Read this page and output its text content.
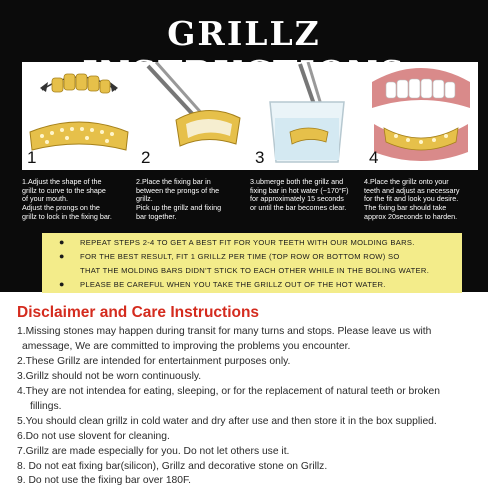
GRILLZ
1	2	3	4
1.Adjust the shape of the
grillz to curve to the shape
of your mouth.
Adjust the prongs on the
grillz to lock in the fixing bar.
2.Place the fixing bar in
between the prongs of the
grillz.
Pick up the grillz and fixing
bar together.
3.ubmerge both the grillz and
fixing bar in hot water (~170°F)
for approximately 15 seconds
or until the bar becomes clear.
4.Place the grillz onto your
teeth and adjust as necessary
for the fit and look you desire.
The fixing bar should take
approx 20seconds to harden.
● REPEAT STEPS 2-4 TO GET A BEST FIT FOR YOUR TEETH WITH OUR MOLDING BARS.
● FOR THE BEST RESULT, FIT 1 GRILLZ PER TIME (TOP ROW OR BOTTOM ROW) SO
THAT THE MOLDING BARS DIDN'T STICK TO EACH OTHER WHILE IN THE BOLING WATER.
● PLEASE BE CAREFUL WHEN YOU TAKE THE GRILLZ OUT OF THE HOT WATER.
Disclaimer and Care Instructions
1.Missing stones may happen during transit for many turns and stops. Please leave us with
amessage, We are committed to improving the problems you encounter.
2.These Grillz are intended for entertainment purposes only.
3.Grillz should not be worn continuously.
4.They are not intendea for eating, sleeping, or for the replacement of natural teeth or broken
fillings.
5.You should clean grillz in cold water and dry after use and then store it in the box supplied.
6.Do not use slovent for cleaning.
7.Grillz are made especially for you. Do not let others use it.
8. Do not eat fixing bar(silicon), Grillz and decorative stone on Grillz.
9. Do not use the fixing bar over 180F.
